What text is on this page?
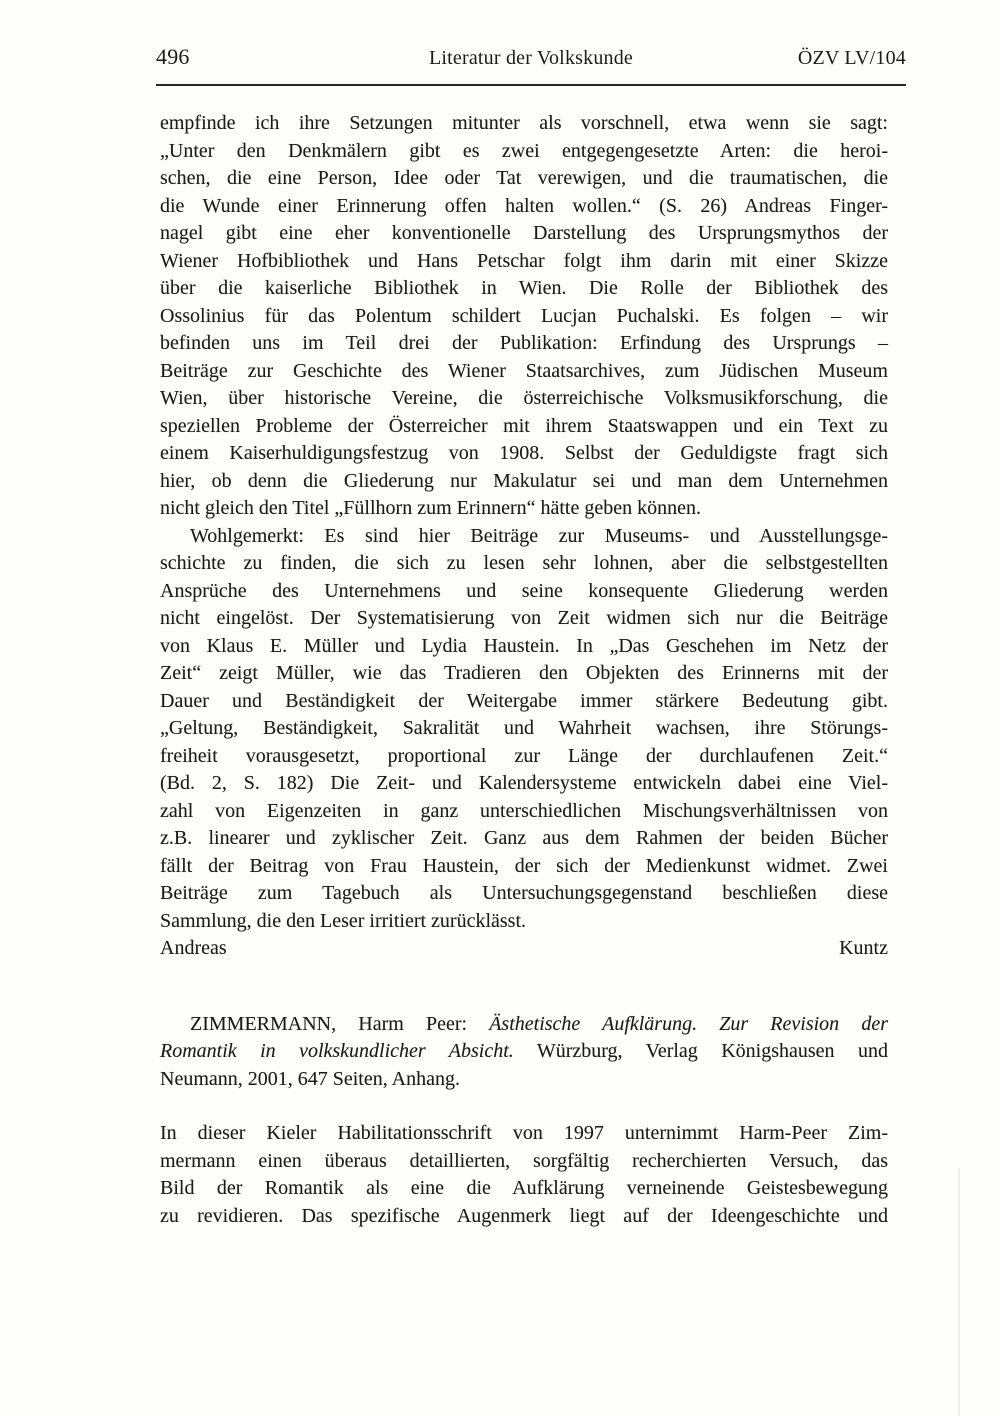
496	Literatur der Volkskunde	ÖZV LV/104
empfinde ich ihre Setzungen mitunter als vorschnell, etwa wenn sie sagt:
„Unter den Denkmälern gibt es zwei entgegengesetzte Arten: die heroi-
schen, die eine Person, Idee oder Tat verewigen, und die traumatischen, die
die Wunde einer Erinnerung offen halten wollen.“ (S. 26) Andreas Finger-
nagel gibt eine eher konventionelle Darstellung des Ursprungsmythos der
Wiener Hofbibliothek und Hans Petschar folgt ihm darin mit einer Skizze
über die kaiserliche Bibliothek in Wien. Die Rolle der Bibliothek des
Ossolinius für das Polentum schildert Lucjan Puchalski. Es folgen – wir
befinden uns im Teil drei der Publikation: Erfindung des Ursprungs –
Beiträge zur Geschichte des Wiener Staatsarchives, zum Jüdischen Museum
Wien, über historische Vereine, die österreichische Volksmusikforschung, die
speziellen Probleme der Österreicher mit ihrem Staatswappen und ein Text zu
einem Kaiserhuldigungsfestzug von 1908. Selbst der Geduldigste fragt sich
hier, ob denn die Gliederung nur Makulatur sei und man dem Unternehmen
nicht gleich den Titel „Füllhorn zum Erinnern“ hätte geben können.
Wohlgemerkt: Es sind hier Beiträge zur Museums- und Ausstellungsge-
schichte zu finden, die sich zu lesen sehr lohnen, aber die selbstgestellten
Ansprüche des Unternehmens und seine konsequente Gliederung werden
nicht eingelöst. Der Systematisierung von Zeit widmen sich nur die Beiträge
von Klaus E. Müller und Lydia Haustein. In „Das Geschehen im Netz der
Zeit“ zeigt Müller, wie das Tradieren den Objekten des Erinnerns mit der
Dauer und Beständigkeit der Weitergabe immer stärkere Bedeutung gibt.
„Geltung, Beständigkeit, Sakralität und Wahrheit wachsen, ihre Störungs-
freiheit vorausgesetzt, proportional zur Länge der durchlaufenen Zeit.“
(Bd. 2, S. 182) Die Zeit- und Kalendersysteme entwickeln dabei eine Viel-
zahl von Eigenzeiten in ganz unterschiedlichen Mischungsverhältnissen von
z.B. linearer und zyklischer Zeit. Ganz aus dem Rahmen der beiden Bücher
fällt der Beitrag von Frau Haustein, der sich der Medienkunst widmet. Zwei
Beiträge zum Tagebuch als Untersuchungsgegenstand beschließen diese
Sammlung, die den Leser irritiert zurücklässt.
Andreas Kuntz
ZIMMERMANN, Harm Peer: Ästhetische Aufklärung. Zur Revision der
Romantik in volkskundlicher Absicht. Würzburg, Verlag Königshausen und
Neumann, 2001, 647 Seiten, Anhang.
In dieser Kieler Habilitationsschrift von 1997 unternimmt Harm-Peer Zim-
mermann einen überaus detaillierten, sorgfältig recherchierten Versuch, das
Bild der Romantik als eine die Aufklärung verneinende Geistesbewegung
zu revidieren. Das spezifische Augenmerk liegt auf der Ideengeschichte und
